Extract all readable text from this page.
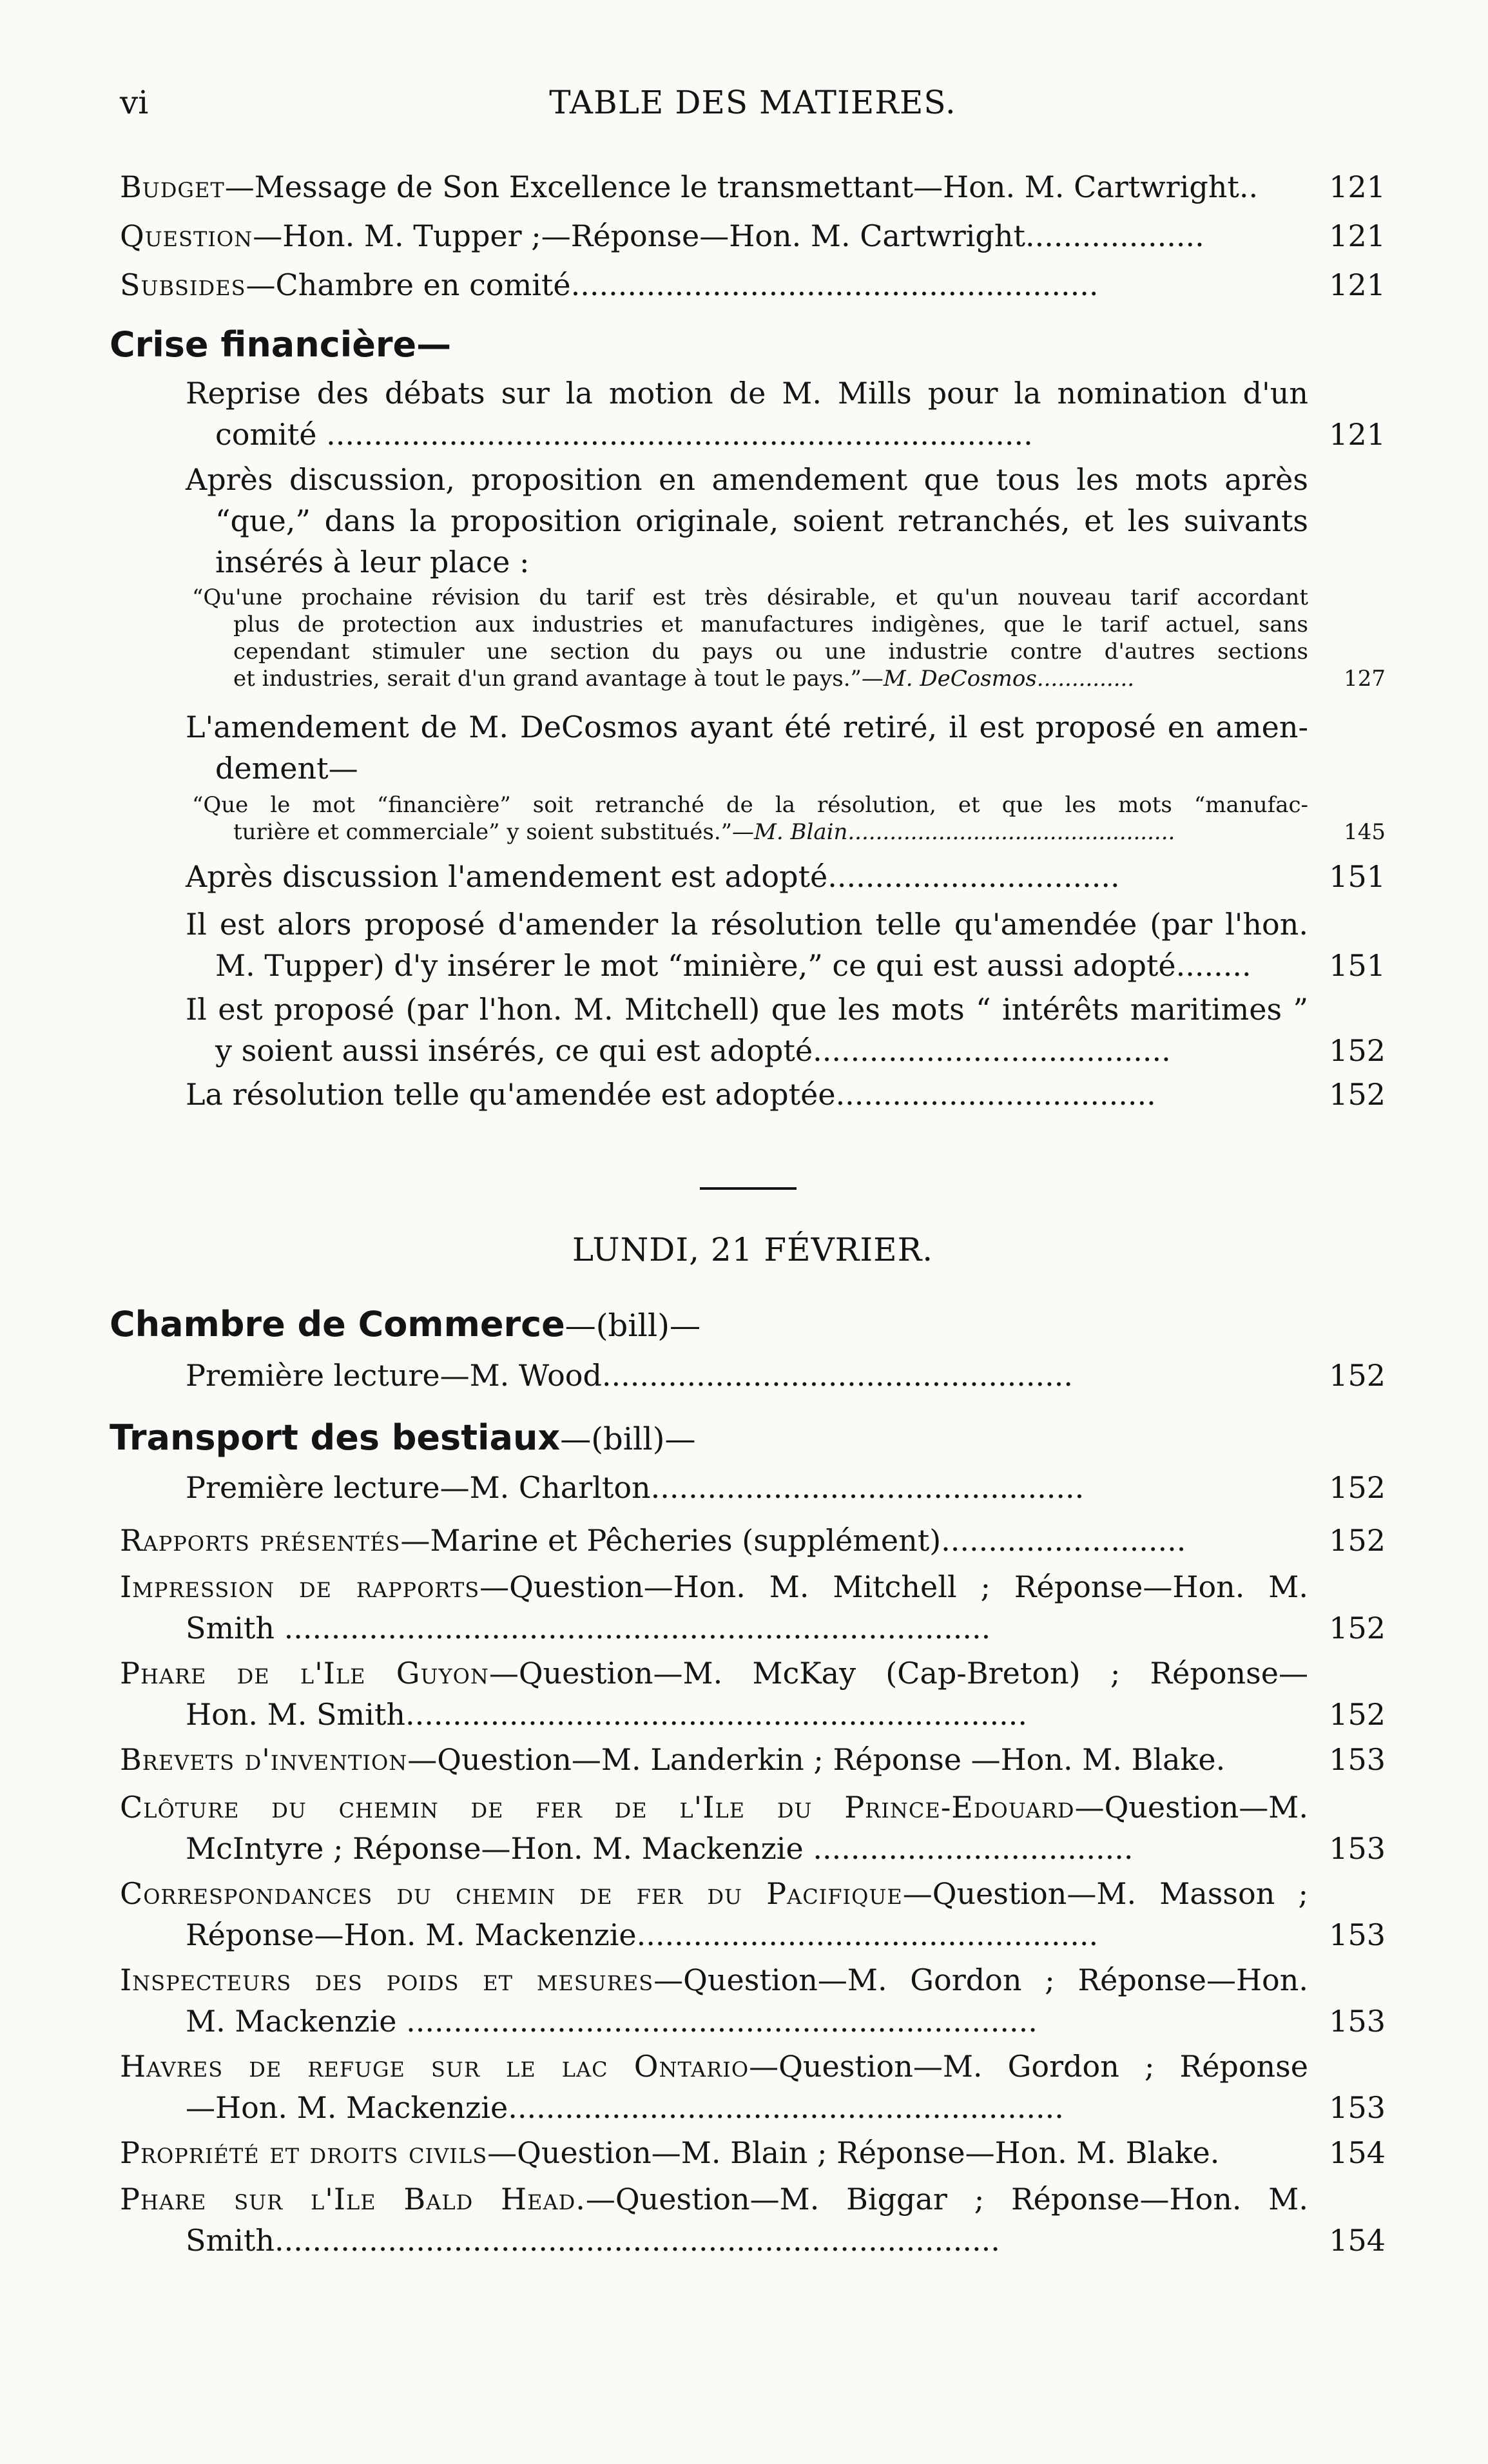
vi	TABLE DES MATIERES.
Budget—Message de Son Excellence le transmettant—Hon. M. Cartwright.. 121
Question—Hon. M. Tupper ;—Réponse—Hon. M. Cartwright...................	121
Subsides—Chambre en comité........................................................	121
Crise financière—
Reprise des débats sur la motion de M. Mills pour la nomination d'un
comité ...........................................................................	121
Après discussion, proposition en amendement que tous les mots après
“que,” dans la proposition originale, soient retranchés, et les suivants
insérés à leur place :
“Qu'une prochaine révision du tarif est très désirable, et qu'un nouveau tarif accordant
plus de protection aux industries et manufactures indigènes, que le tarif actuel, sans
cependant stimuler une section du pays ou une industrie contre d'autres sections
et industries, serait d'un grand avantage à tout le pays.”—M. DeCosmos..............	127
L'amendement de M. DeCosmos ayant été retiré, il est proposé en amen-
dement—
“Que le mot “financière” soit retranché de la résolution, et que les mots “manufac-
turière et commerciale” y soient substitués.”—M. Blain...............................................	145
Après discussion l'amendement est adopté...............................	151
Il est alors proposé d'amender la résolution telle qu'amendée (par l'hon.
M. Tupper) d'y insérer le mot “minière,” ce qui est aussi adopté........	151
Il est proposé (par l'hon. M. Mitchell) que les mots “ intérêts maritimes ”
y soient aussi insérés, ce qui est adopté......................................	152
La résolution telle qu'amendée est adoptée..................................	152
LUNDI, 21 FÉVRIER.
Chambre de Commerce—(bill)—
Première lecture—M. Wood..................................................	152
Transport des bestiaux—(bill)—
Première lecture—M. Charlton..............................................	152
Rapports présentés—Marine et Pêcheries (supplément)..........................	152
Impression de rapports—Question—Hon. M. Mitchell ; Réponse—Hon. M.
Smith ...........................................................................	152
Phare de l'Ile Guyon—Question—M. McKay (Cap-Breton) ; Réponse—
Hon. M. Smith..................................................................	152
Brevets d'invention—Question—M. Landerkin ; Réponse —Hon. M. Blake.	153
Clôture du chemin de fer de l'Ile du Prince-Edouard—Question—M.
McIntyre ; Réponse—Hon. M. Mackenzie ..................................	153
Correspondances du chemin de fer du Pacifique—Question—M. Masson ;
Réponse—Hon. M. Mackenzie.................................................	153
Inspecteurs des poids et mesures—Question—M. Gordon ; Réponse—Hon.
M. Mackenzie ...................................................................	153
Havres de refuge sur le lac Ontario—Question—M. Gordon ; Réponse
—Hon. M. Mackenzie...........................................................	153
Propriété et droits civils—Question—M. Blain ; Réponse—Hon. M. Blake.	154
Phare sur l'Ile Bald Head.—Question—M. Biggar ; Réponse—Hon. M.
Smith.............................................................................	154
